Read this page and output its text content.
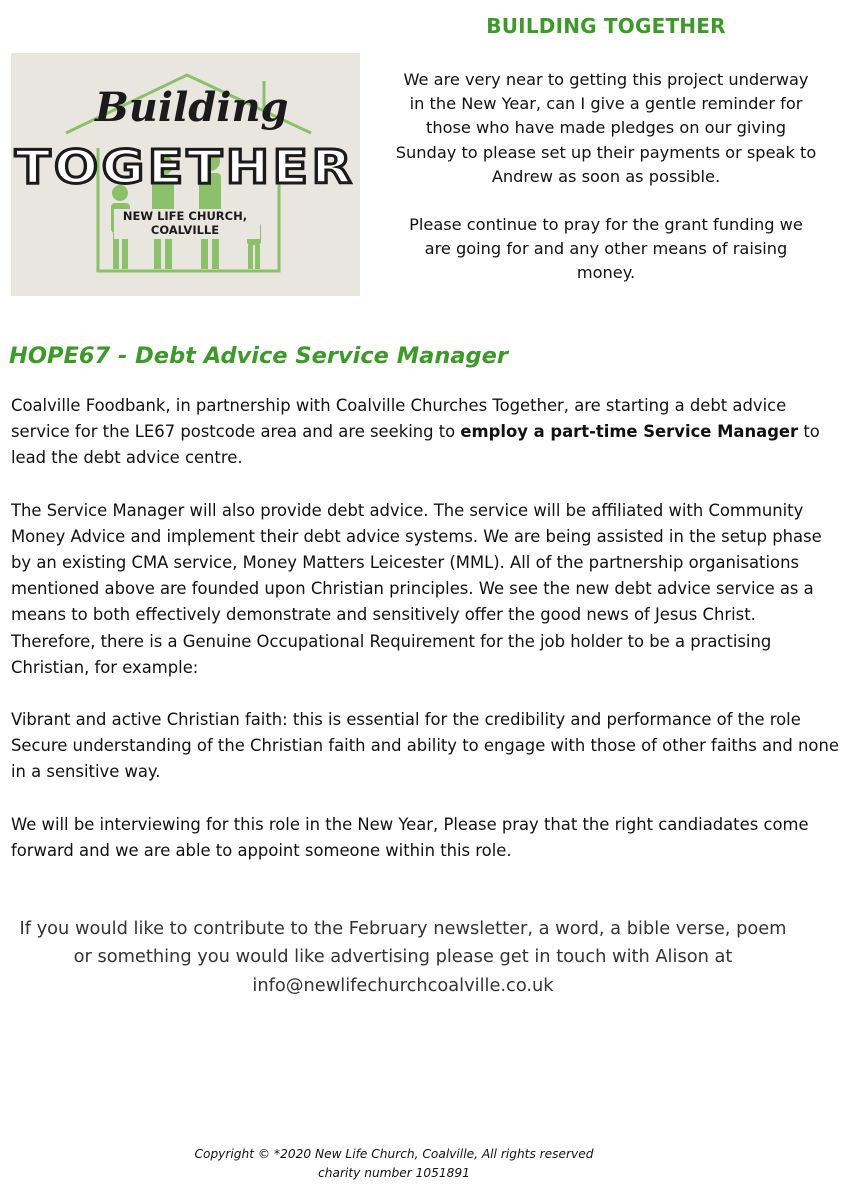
Building
TOGETHER
NEW LIFE CHURCH,
COALVILLE
BUILDING TOGETHER

We are very near to getting this project underway in the New Year, can I give a gentle reminder for those who have made pledges on our giving Sunday to please set up their payments or speak to Andrew as soon as possible.

Please continue to pray for the grant funding we are going for and any other means of raising money.

HOPE67 - Debt Advice Service Manager

Coalville Foodbank, in partnership with Coalville Churches Together, are starting a debt advice service for the LE67 postcode area and are seeking to employ a part-time Service Manager to lead the debt advice centre.

The Service Manager will also provide debt advice. The service will be affiliated with Community Money Advice and implement their debt advice systems. We are being assisted in the setup phase by an existing CMA service, Money Matters Leicester (MML). All of the partnership organisations mentioned above are founded upon Christian principles. We see the new debt advice service as a means to both effectively demonstrate and sensitively offer the good news of Jesus Christ. Therefore, there is a Genuine Occupational Requirement for the job holder to be a practising Christian, for example:

Vibrant and active Christian faith: this is essential for the credibility and performance of the role

Secure understanding of the Christian faith and ability to engage with those of other faiths and none in a sensitive way.

We will be interviewing for this role in the New Year, Please pray that the right candiadates come forward and we are able to appoint someone within this role.

If you would like to contribute to the February newsletter, a word, a bible verse, poem
or something you would like advertising please get in touch with Alison at
info@newlifechurchcoalville.co.uk
Copyright © *2020 New Life Church, Coalville, All rights reserved
charity number 1051891
